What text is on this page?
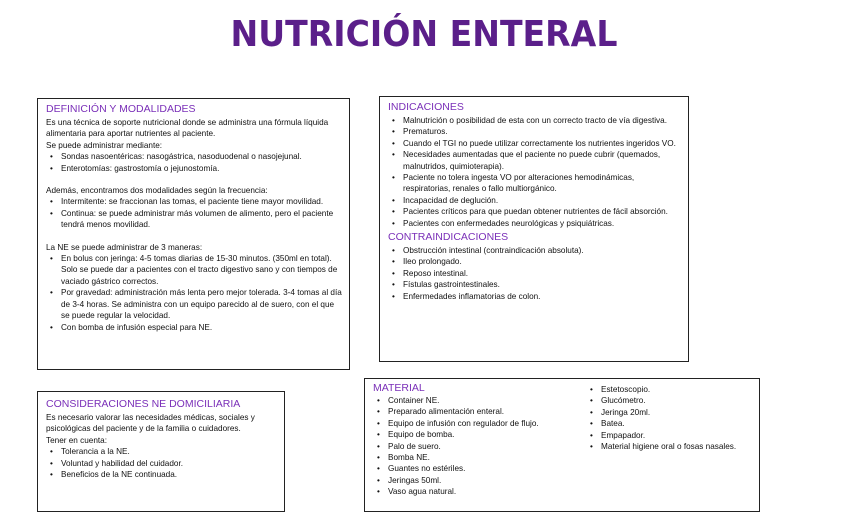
NUTRICIÓN ENTERAL
DEFINICIÓN Y MODALIDADES

Es una técnica de soporte nutricional donde se administra una fórmula líquida alimentaria para aportar nutrientes al paciente.

Se puede administrar mediante:

• Sondas nasoentéricas: nasogástrica, nasoduodenal o nasojejunal.
• Enterotomías: gastrostomía o jejunostomía.

Además, encontramos dos modalidades según la frecuencia:

• Intermitente: se fraccionan las tomas, el paciente tiene mayor movilidad.
• Continua: se puede administrar más volumen de alimento, pero el paciente tendrá menos movilidad.

La NE se puede administrar de 3 maneras:

• En bolus con jeringa: 4-5 tomas diarias de 15-30 minutos. (350ml en total). Solo se puede dar a pacientes con el tracto digestivo sano y con tiempos de vaciado gástrico correctos.
• Por gravedad: administración más lenta pero mejor tolerada. 3-4 tomas al día de 3-4 horas. Se administra con un equipo parecido al de suero, con el que se puede regular la velocidad.
• Con bomba de infusión especial para NE.
INDICACIONES
• Malnutrición o posibilidad de esta con un correcto tracto de vía digestiva.
• Prematuros.
• Cuando el TGI no puede utilizar correctamente los nutrientes ingeridos VO.
• Necesidades aumentadas que el paciente no puede cubrir (quemados, malnutridos, quimioterapia).
• Paciente no tolera ingesta VO por alteraciones hemodinámicas, respiratorias, renales o fallo multiorgánico.
• Incapacidad de deglución.
• Pacientes críticos para que puedan obtener nutrientes de fácil absorción.
• Pacientes con enfermedades neurológicas y psiquiátricas.
CONTRAINDICACIONES
• Obstrucción intestinal (contraindicación absoluta).
• Ileo prolongado.
• Reposo intestinal.
• Fístulas gastrointestinales.
• Enfermedades inflamatorias de colon.
CONSIDERACIONES NE DOMICILIARIA

Es necesario valorar las necesidades médicas, sociales y psicológicas del paciente y de la familia o cuidadores.

Tener en cuenta:

• Tolerancia a la NE.
• Voluntad y habilidad del cuidador.
• Beneficios de la NE continuada.
MATERIAL
• Container NE.
• Preparado alimentación enteral.
• Equipo de infusión con regulador de flujo.
• Equipo de bomba.
• Palo de suero.
• Bomba NE.
• Guantes no estériles.
• Jeringas 50ml.
• Vaso agua natural.
• Estetoscopio.
• Glucómetro.
• Jeringa 20ml.
• Batea.
• Empapador.
• Material higiene oral o fosas nasales.
